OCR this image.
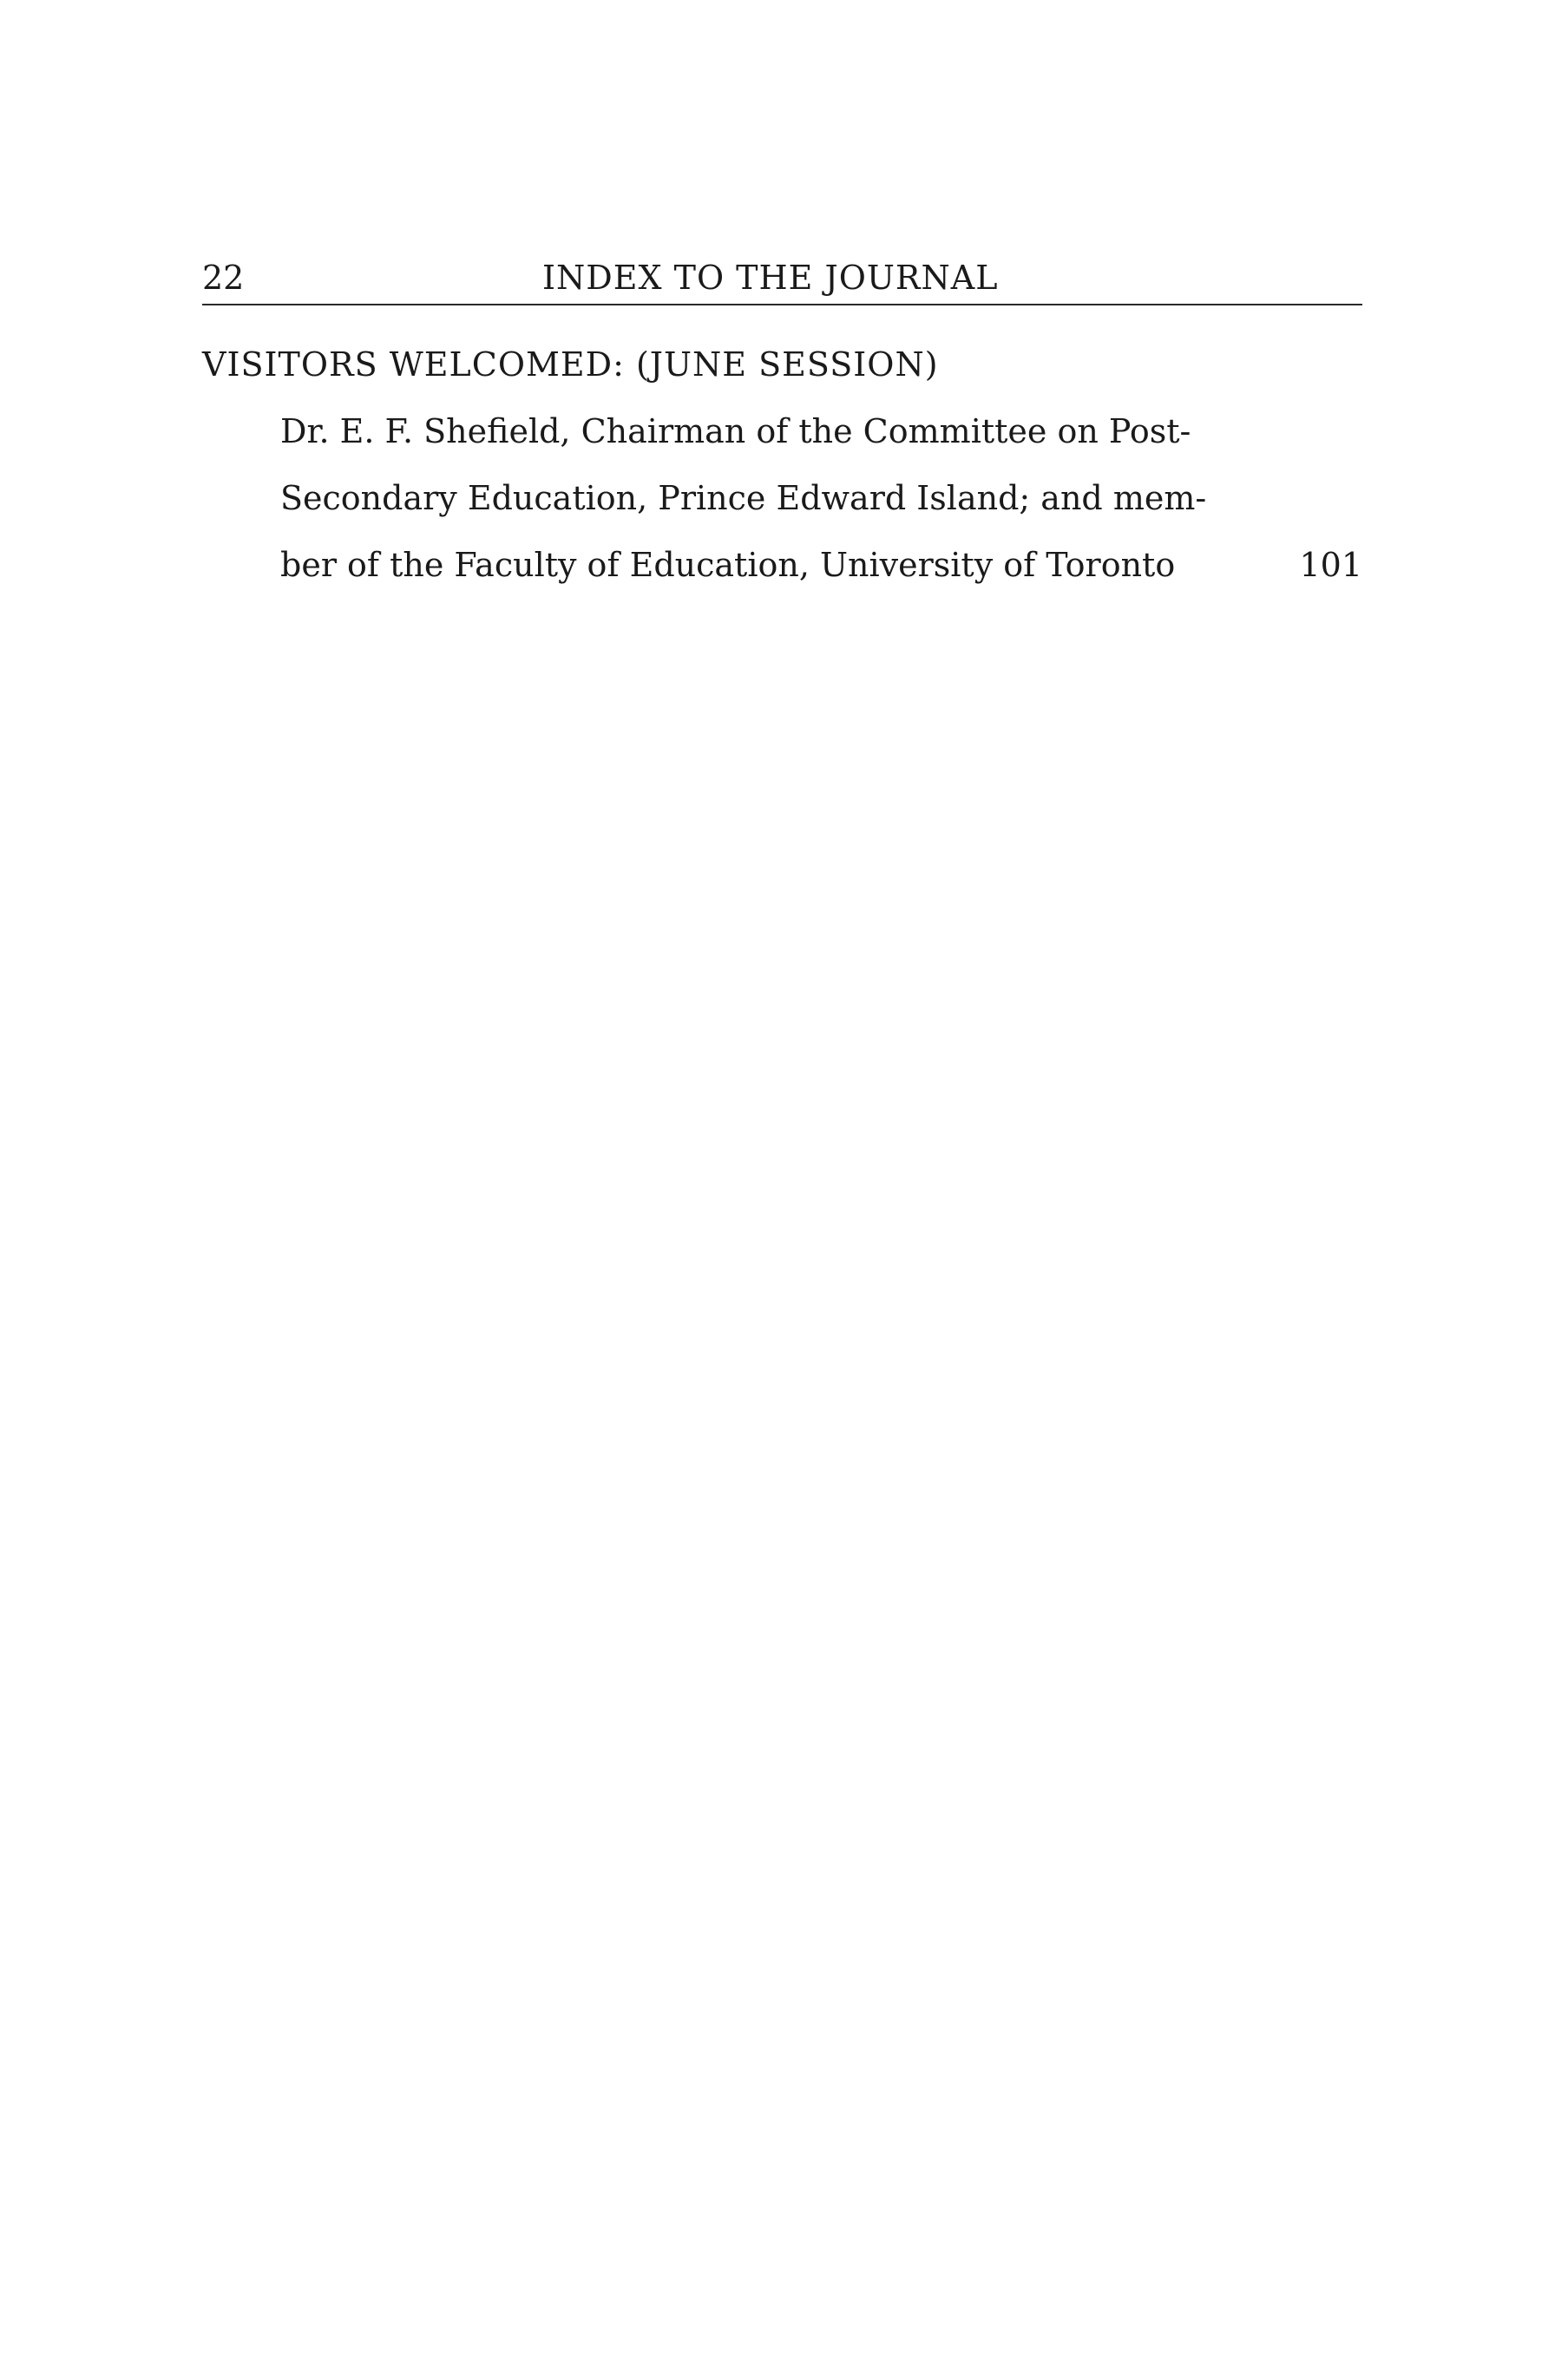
22	INDEX TO THE JOURNAL
VISITORS WELCOMED: (JUNE SESSION)
Dr. E. F. Shefield, Chairman of the Committee on Post-
Secondary Education, Prince Edward Island; and mem-
ber of the Faculty of Education, University of Toronto	101
